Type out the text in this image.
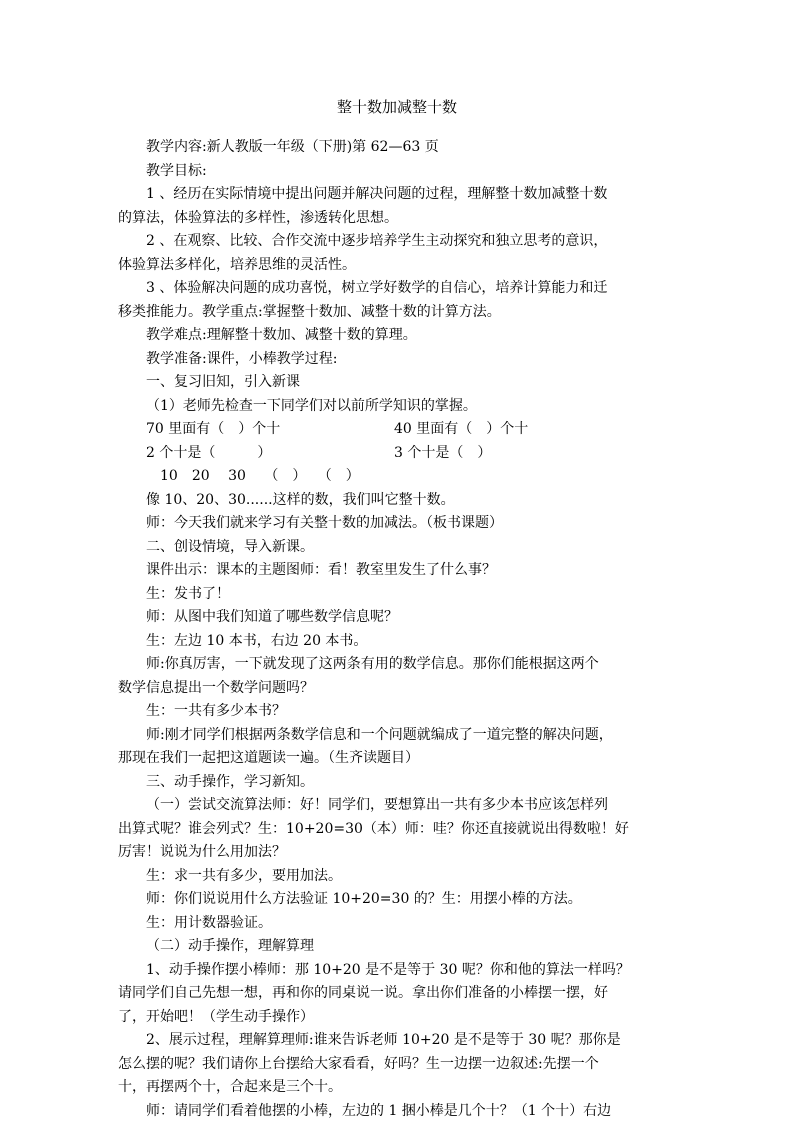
整十数加减整十数

教学内容:新人教版一年级（下册)第 62—63 页

教学目标:

1 、经历在实际情境中提出问题并解决问题的过程，理解整十数加减整十数

的算法，体验算法的多样性，渗透转化思想。

2 、在观察、比较、合作交流中逐步培养学生主动探究和独立思考的意识，

体验算法多样化，培养思维的灵活性。

3 、体验解决问题的成功喜悦，树立学好数学的自信心，培养计算能力和迁

移类推能力。教学重点:掌握整十数加、减整十数的计算方法。

教学难点:理解整十数加、减整十数的算理。

教学准备:课件，小棒教学过程:

一、复习旧知，引入新课

（1）老师先检查一下同学们对以前所学知识的掌握。

70 里面有（　）个十	40 里面有（　）个十
2 个十是（　　　）	3 个十是（　）

10　20　 30　 （　）　 （　）

像 10、20、30......这样的数，我们叫它整十数。

师：今天我们就来学习有关整十数的加减法。（板书课题）

二、创设情境，导入新课。

课件出示：课本的主题图师：看！教室里发生了什么事？

生：发书了！

师：从图中我们知道了哪些数学信息呢？

生：左边 10 本书，右边 20 本书。

师:你真厉害，一下就发现了这两条有用的数学信息。那你们能根据这两个

数学信息提出一个数学问题吗？

生：一共有多少本书？

师:刚才同学们根据两条数学信息和一个问题就编成了一道完整的解决问题，

那现在我们一起把这道题读一遍。（生齐读题目）

三、动手操作，学习新知。

（一）尝试交流算法师：好！同学们，要想算出一共有多少本书应该怎样列

出算式呢？谁会列式？生：10+20=30（本）师：哇？你还直接就说出得数啦！好

厉害！说说为什么用加法？

生：求一共有多少，要用加法。

师：你们说说用什么方法验证 10+20=30 的？生：用摆小棒的方法。

生：用计数器验证。

（二）动手操作，理解算理

1、动手操作摆小棒师：那 10+20 是不是等于 30 呢？你和他的算法一样吗？

请同学们自己先想一想，再和你的同桌说一说。拿出你们准备的小棒摆一摆，好

了，开始吧！（学生动手操作）

2、展示过程，理解算理师:谁来告诉老师 10+20 是不是等于 30 呢？那你是

怎么摆的呢？我们请你上台摆给大家看看，好吗？生一边摆一边叙述:先摆一个

十，再摆两个十，合起来是三个十。

师：请同学们看着他摆的小棒，左边的 1 捆小棒是几个十？（1 个十）右边
